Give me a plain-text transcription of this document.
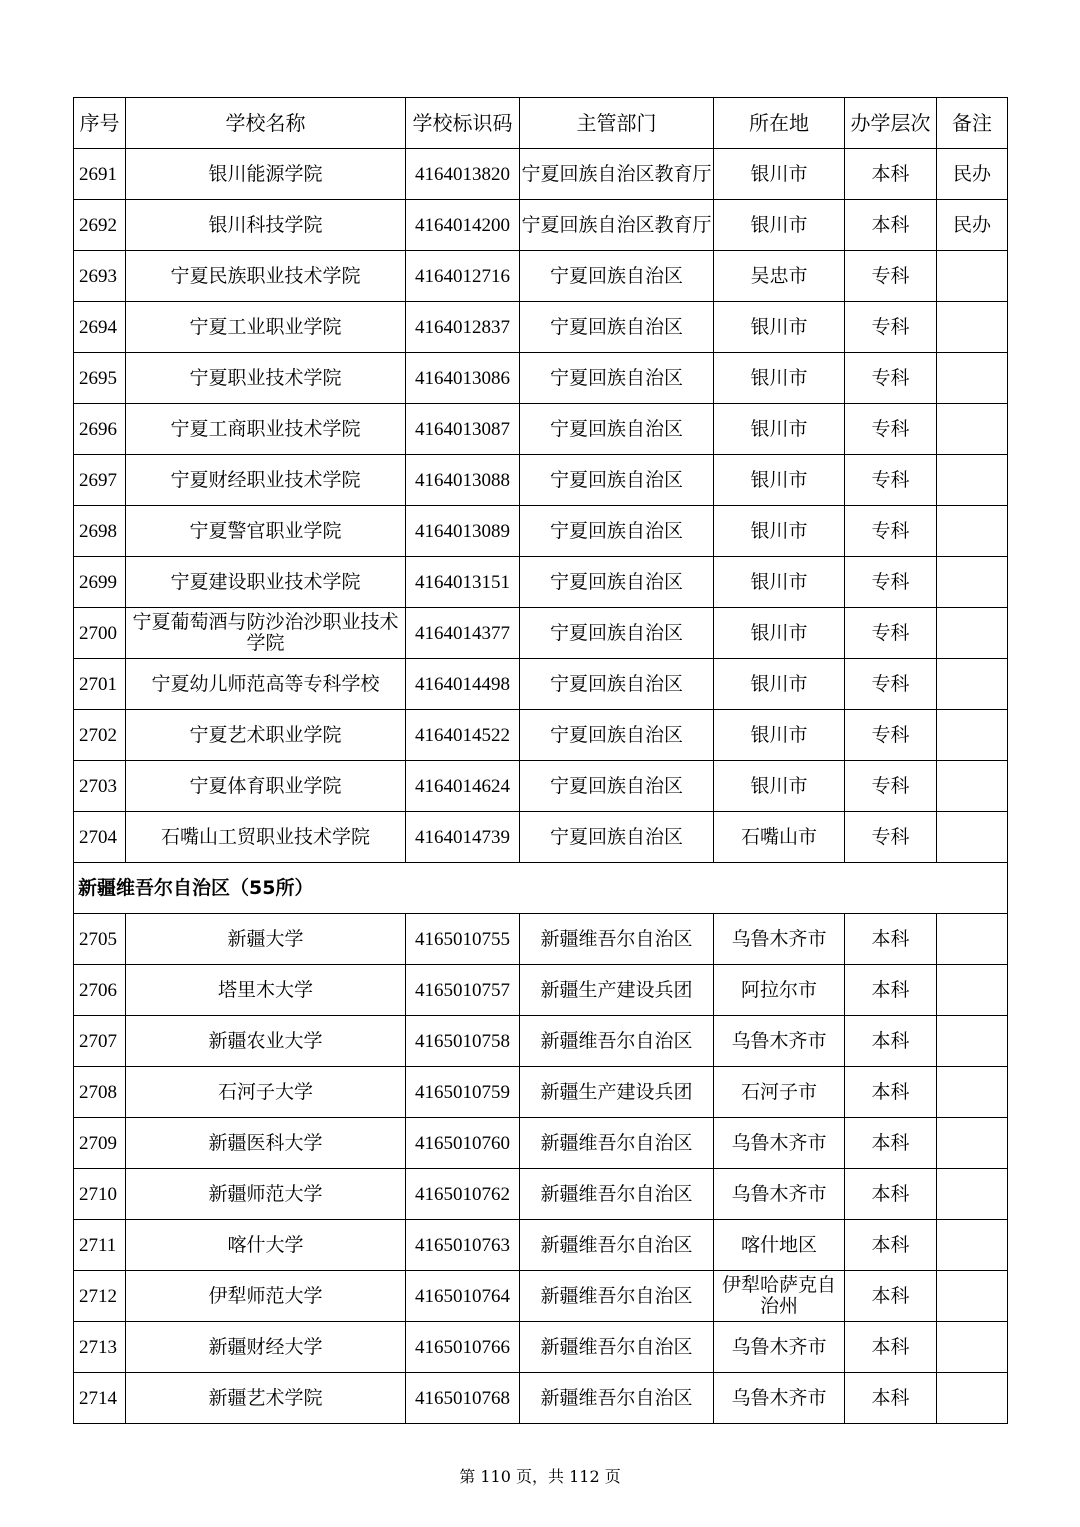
序号	学校名称	学校标识码	主管部门	所在地	办学层次	备注
2691	银川能源学院	4164013820	宁夏回族自治区教育厅	银川市	本科	民办
2692	银川科技学院	4164014200	宁夏回族自治区教育厅	银川市	本科	民办
2693	宁夏民族职业技术学院	4164012716	宁夏回族自治区	吴忠市	专科	
2694	宁夏工业职业学院	4164012837	宁夏回族自治区	银川市	专科	
2695	宁夏职业技术学院	4164013086	宁夏回族自治区	银川市	专科	
2696	宁夏工商职业技术学院	4164013087	宁夏回族自治区	银川市	专科	
2697	宁夏财经职业技术学院	4164013088	宁夏回族自治区	银川市	专科	
2698	宁夏警官职业学院	4164013089	宁夏回族自治区	银川市	专科	
2699	宁夏建设职业技术学院	4164013151	宁夏回族自治区	银川市	专科	
2700	宁夏葡萄酒与防沙治沙职业技术学院	4164014377	宁夏回族自治区	银川市	专科	
2701	宁夏幼儿师范高等专科学校	4164014498	宁夏回族自治区	银川市	专科	
2702	宁夏艺术职业学院	4164014522	宁夏回族自治区	银川市	专科	
2703	宁夏体育职业学院	4164014624	宁夏回族自治区	银川市	专科	
2704	石嘴山工贸职业技术学院	4164014739	宁夏回族自治区	石嘴山市	专科	
新疆维吾尔自治区（55所）						
2705	新疆大学	4165010755	新疆维吾尔自治区	乌鲁木齐市	本科	
2706	塔里木大学	4165010757	新疆生产建设兵团	阿拉尔市	本科	
2707	新疆农业大学	4165010758	新疆维吾尔自治区	乌鲁木齐市	本科	
2708	石河子大学	4165010759	新疆生产建设兵团	石河子市	本科	
2709	新疆医科大学	4165010760	新疆维吾尔自治区	乌鲁木齐市	本科	
2710	新疆师范大学	4165010762	新疆维吾尔自治区	乌鲁木齐市	本科	
2711	喀什大学	4165010763	新疆维吾尔自治区	喀什地区	本科	
2712	伊犁师范大学	4165010764	新疆维吾尔自治区	伊犁哈萨克自治州	本科	
2713	新疆财经大学	4165010766	新疆维吾尔自治区	乌鲁木齐市	本科	
2714	新疆艺术学院	4165010768	新疆维吾尔自治区	乌鲁木齐市	本科	
第 110 页，共 112 页
